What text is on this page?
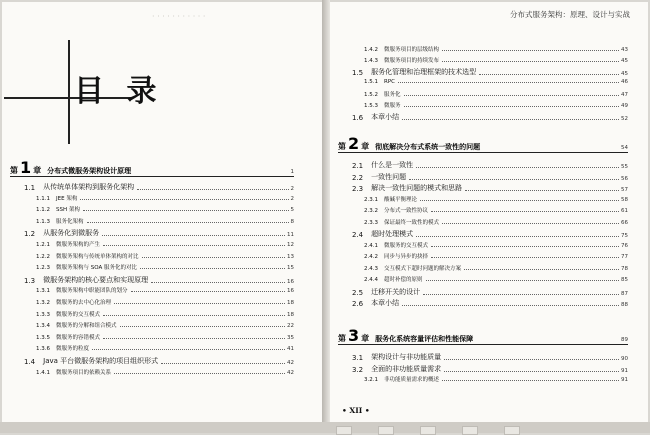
· · · · · · · · · · ·
目 录
第 1 章 分布式微服务架构设计原理	1
1.1 从传统单体架构到服务化架构	2
1.1.1 JEE 架构	2
1.1.2 SSH 架构	5
1.1.3 服务化架构	8
1.2 从服务化到微服务	11
1.2.1 微服务架构的产生	12
1.2.2 微服务架构与传统单体架构的对比	13
1.2.3 微服务架构与 SOA 服务化的对比	15
1.3 微服务架构的核心要点和实现原理	16
1.3.1 微服务架构中职能团队的划分	16
1.3.2 微服务的去中心化治理	18
1.3.3 微服务的交互模式	18
1.3.4 微服务的分解和组合模式	22
1.3.5 微服务的容错模式	35
1.3.6 微服务的粒度	41
1.4 Java 平台微服务架构的项目组织形式	42
1.4.1 微服务项目的依赖关系	42
分布式服务架构：原理、设计与实战
第 2 章 彻底解决分布式系统一致性的问题	54
第 3 章 服务化系统容量评估和性能保障	89
• XII •
1.4.2 微服务项目的层级结构	43
1.4.3 微服务项目的持续发布	45
1.5 服务化管理和治理框架的技术选型	45
1.5.1 RPC	46
1.5.2 服务化	47
1.5.3 微服务	49
1.6 本章小结	52
2.1 什么是一致性	55
2.2 一致性问题	56
2.3 解决一致性问题的模式和思路	57
2.3.1 酸碱平衡理论	58
2.3.2 分布式一致性协议	61
2.3.3 保证最终一致性的模式	66
2.4 超时处理模式	75
2.4.1 微服务的交互模式	76
2.4.2 同步与异步的抉择	77
2.4.3 交互模式下超时问题的解决方案	78
2.4.4 超时补偿的原则	85
2.5 迁移开关的设计	87
2.6 本章小结	88
3.1 架构设计与非功能质量	90
3.2 全面的非功能质量需求	91
3.2.1 非功能质量需求的概述	91
